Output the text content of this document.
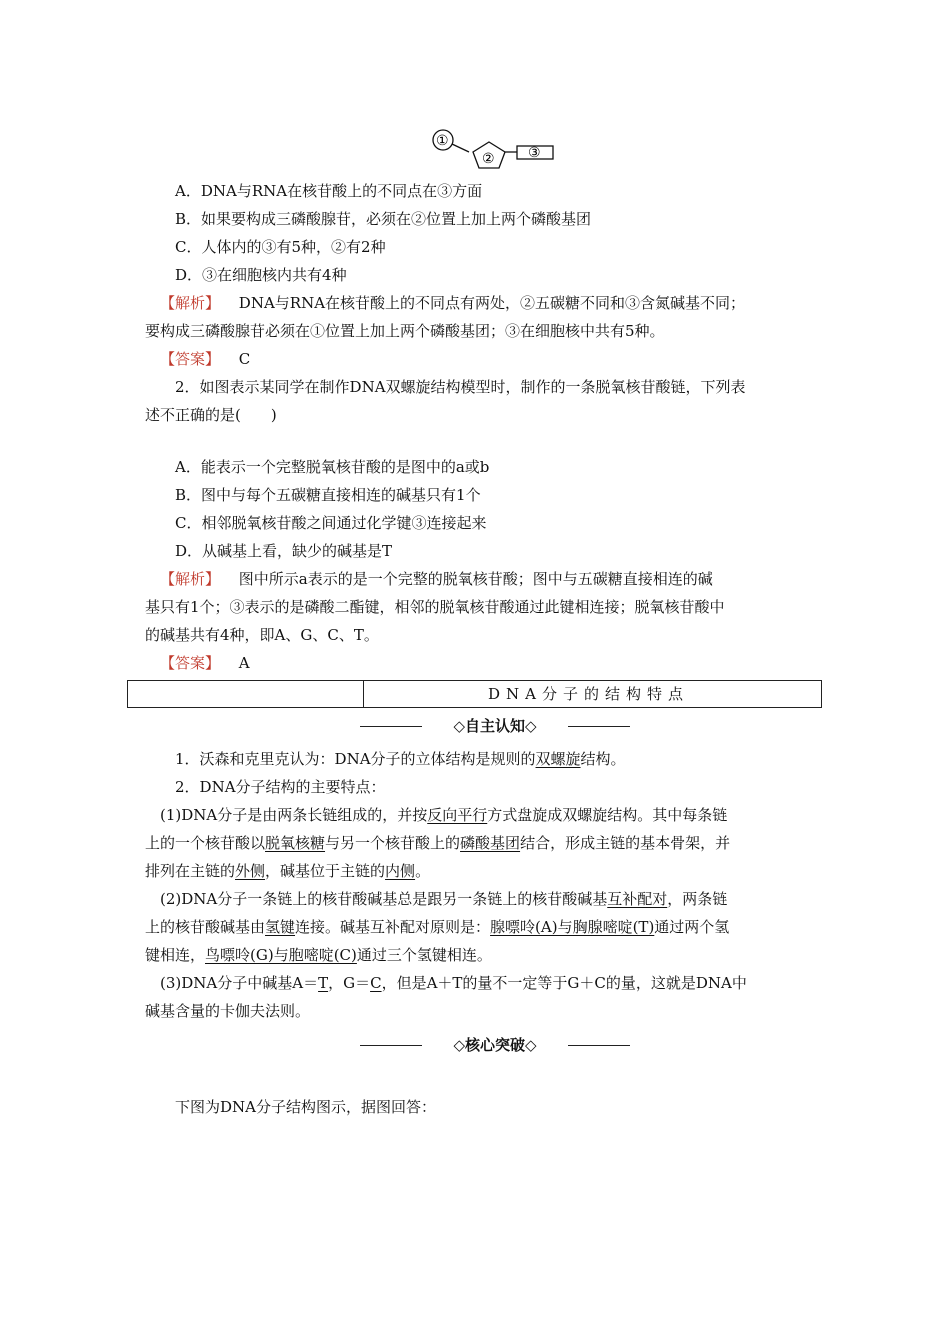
①
② ③
A．DNA与RNA在核苷酸上的不同点在③方面
B．如果要构成三磷酸腺苷，必须在②位置上加上两个磷酸基团
C．人体内的③有5种，②有2种
D．③在细胞核内共有4种
【解析】 DNA与RNA在核苷酸上的不同点有两处，②五碳糖不同和③含氮碱基不同；
要构成三磷酸腺苷必须在①位置上加上两个磷酸基团；③在细胞核中共有5种。
【答案】 C
2．如图表示某同学在制作DNA双螺旋结构模型时，制作的一条脱氧核苷酸链，下列表
述不正确的是(　　)
A．能表示一个完整脱氧核苷酸的是图中的a或b
B．图中与每个五碳糖直接相连的碱基只有1个
C．相邻脱氧核苷酸之间通过化学键③连接起来
D．从碱基上看，缺少的碱基是T
【解析】 图中所示a表示的是一个完整的脱氧核苷酸；图中与五碳糖直接相连的碱
基只有1个；③表示的是磷酸二酯键，相邻的脱氧核苷酸通过此键相连接；脱氧核苷酸中
的碱基共有4种，即A、G、C、T。
【答案】 A
DNA分子的结构特点
◇自主认知◇
1．沃森和克里克认为：DNA分子的立体结构是规则的双螺旋结构。
2．DNA分子结构的主要特点：
(1)DNA分子是由两条长链组成的，并按反向平行方式盘旋成双螺旋结构。其中每条链
上的一个核苷酸以脱氧核糖与另一个核苷酸上的磷酸基团结合，形成主链的基本骨架，并
排列在主链的外侧，碱基位于主链的内侧。
(2)DNA分子一条链上的核苷酸碱基总是跟另一条链上的核苷酸碱基互补配对，两条链
上的核苷酸碱基由氢键连接。碱基互补配对原则是：腺嘌呤(A)与胸腺嘧啶(T)通过两个氢
键相连，鸟嘌呤(G)与胞嘧啶(C)通过三个氢键相连。
(3)DNA分子中碱基A＝T，G＝C，但是A＋T的量不一定等于G＋C的量，这就是DNA中
碱基含量的卡伽夫法则。
◇核心突破◇
下图为DNA分子结构图示，据图回答：
